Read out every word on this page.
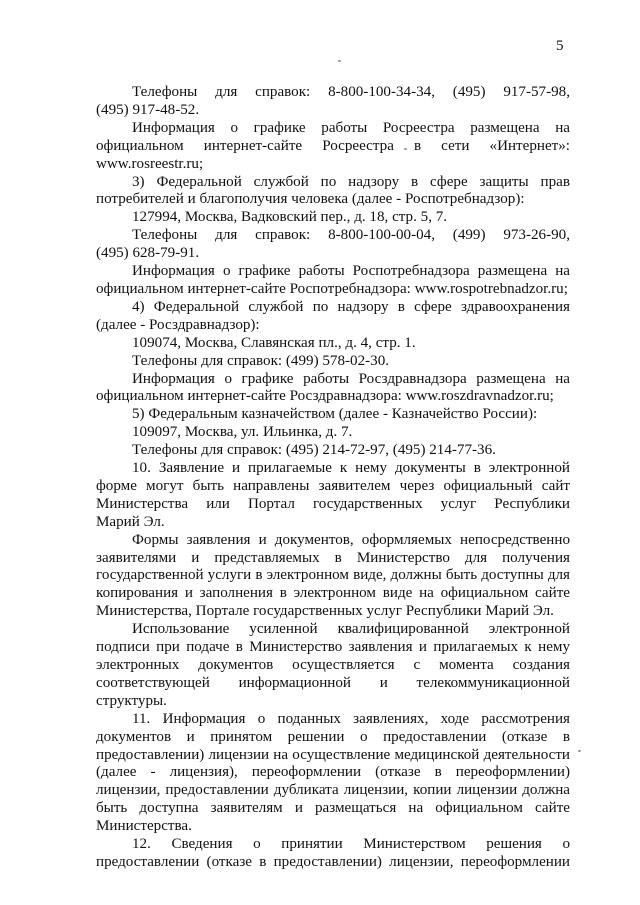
5

Телефоны для справок: 8-800-100-34-34, (495) 917-57-98,

(495) 917-48-52.

Информация о графике работы Росреестра размещена на

официальном интернет-сайте Росреестра в сети «Интернет»:

www.rosreestr.ru;

3) Федеральной службой по надзору в сфере защиты прав

потребителей и благополучия человека (далее - Роспотребнадзор):

127994, Москва, Вадковский пер., д. 18, стр. 5, 7.

Телефоны для справок: 8-800-100-00-04, (499) 973-26-90,

(495) 628-79-91.

Информация о графике работы Роспотребнадзора размещена на

официальном интернет-сайте Роспотребнадзора: www.rospotrebnadzor.ru;

4) Федеральной службой по надзору в сфере здравоохранения

(далее - Росздравнадзор):

109074, Москва, Славянская пл., д. 4, стр. 1.

Телефоны для справок: (499) 578-02-30.

Информация о графике работы Росздравнадзора размещена на

официальном интернет-сайте Росздравнадзора: www.roszdravnadzor.ru;

5) Федеральным казначейством (далее - Казначейство России):

109097, Москва, ул. Ильинка, д. 7.

Телефоны для справок: (495) 214-72-97, (495) 214-77-36.

10. Заявление и прилагаемые к нему документы в электронной

форме могут быть направлены заявителем через официальный сайт

Министерства или Портал государственных услуг Республики

Марий Эл.

Формы заявления и документов, оформляемых непосредственно

заявителями и представляемых в Министерство для получения

государственной услуги в электронном виде, должны быть доступны для

копирования и заполнения в электронном виде на официальном сайте

Министерства, Портале государственных услуг Республики Марий Эл.

Использование усиленной квалифицированной электронной

подписи при подаче в Министерство заявления и прилагаемых к нему

электронных документов осуществляется с момента создания

соответствующей информационной и телекоммуникационной

структуры.

11. Информация о поданных заявлениях, ходе рассмотрения

документов и принятом решении о предоставлении (отказе в

предоставлении) лицензии на осуществление медицинской деятельности

(далее - лицензия), переоформлении (отказе в переоформлении)

лицензии, предоставлении дубликата лицензии, копии лицензии должна

быть доступна заявителям и размещаться на официальном сайте

Министерства.

12. Сведения о принятии Министерством решения о

предоставлении (отказе в предоставлении) лицензии, переоформлении
